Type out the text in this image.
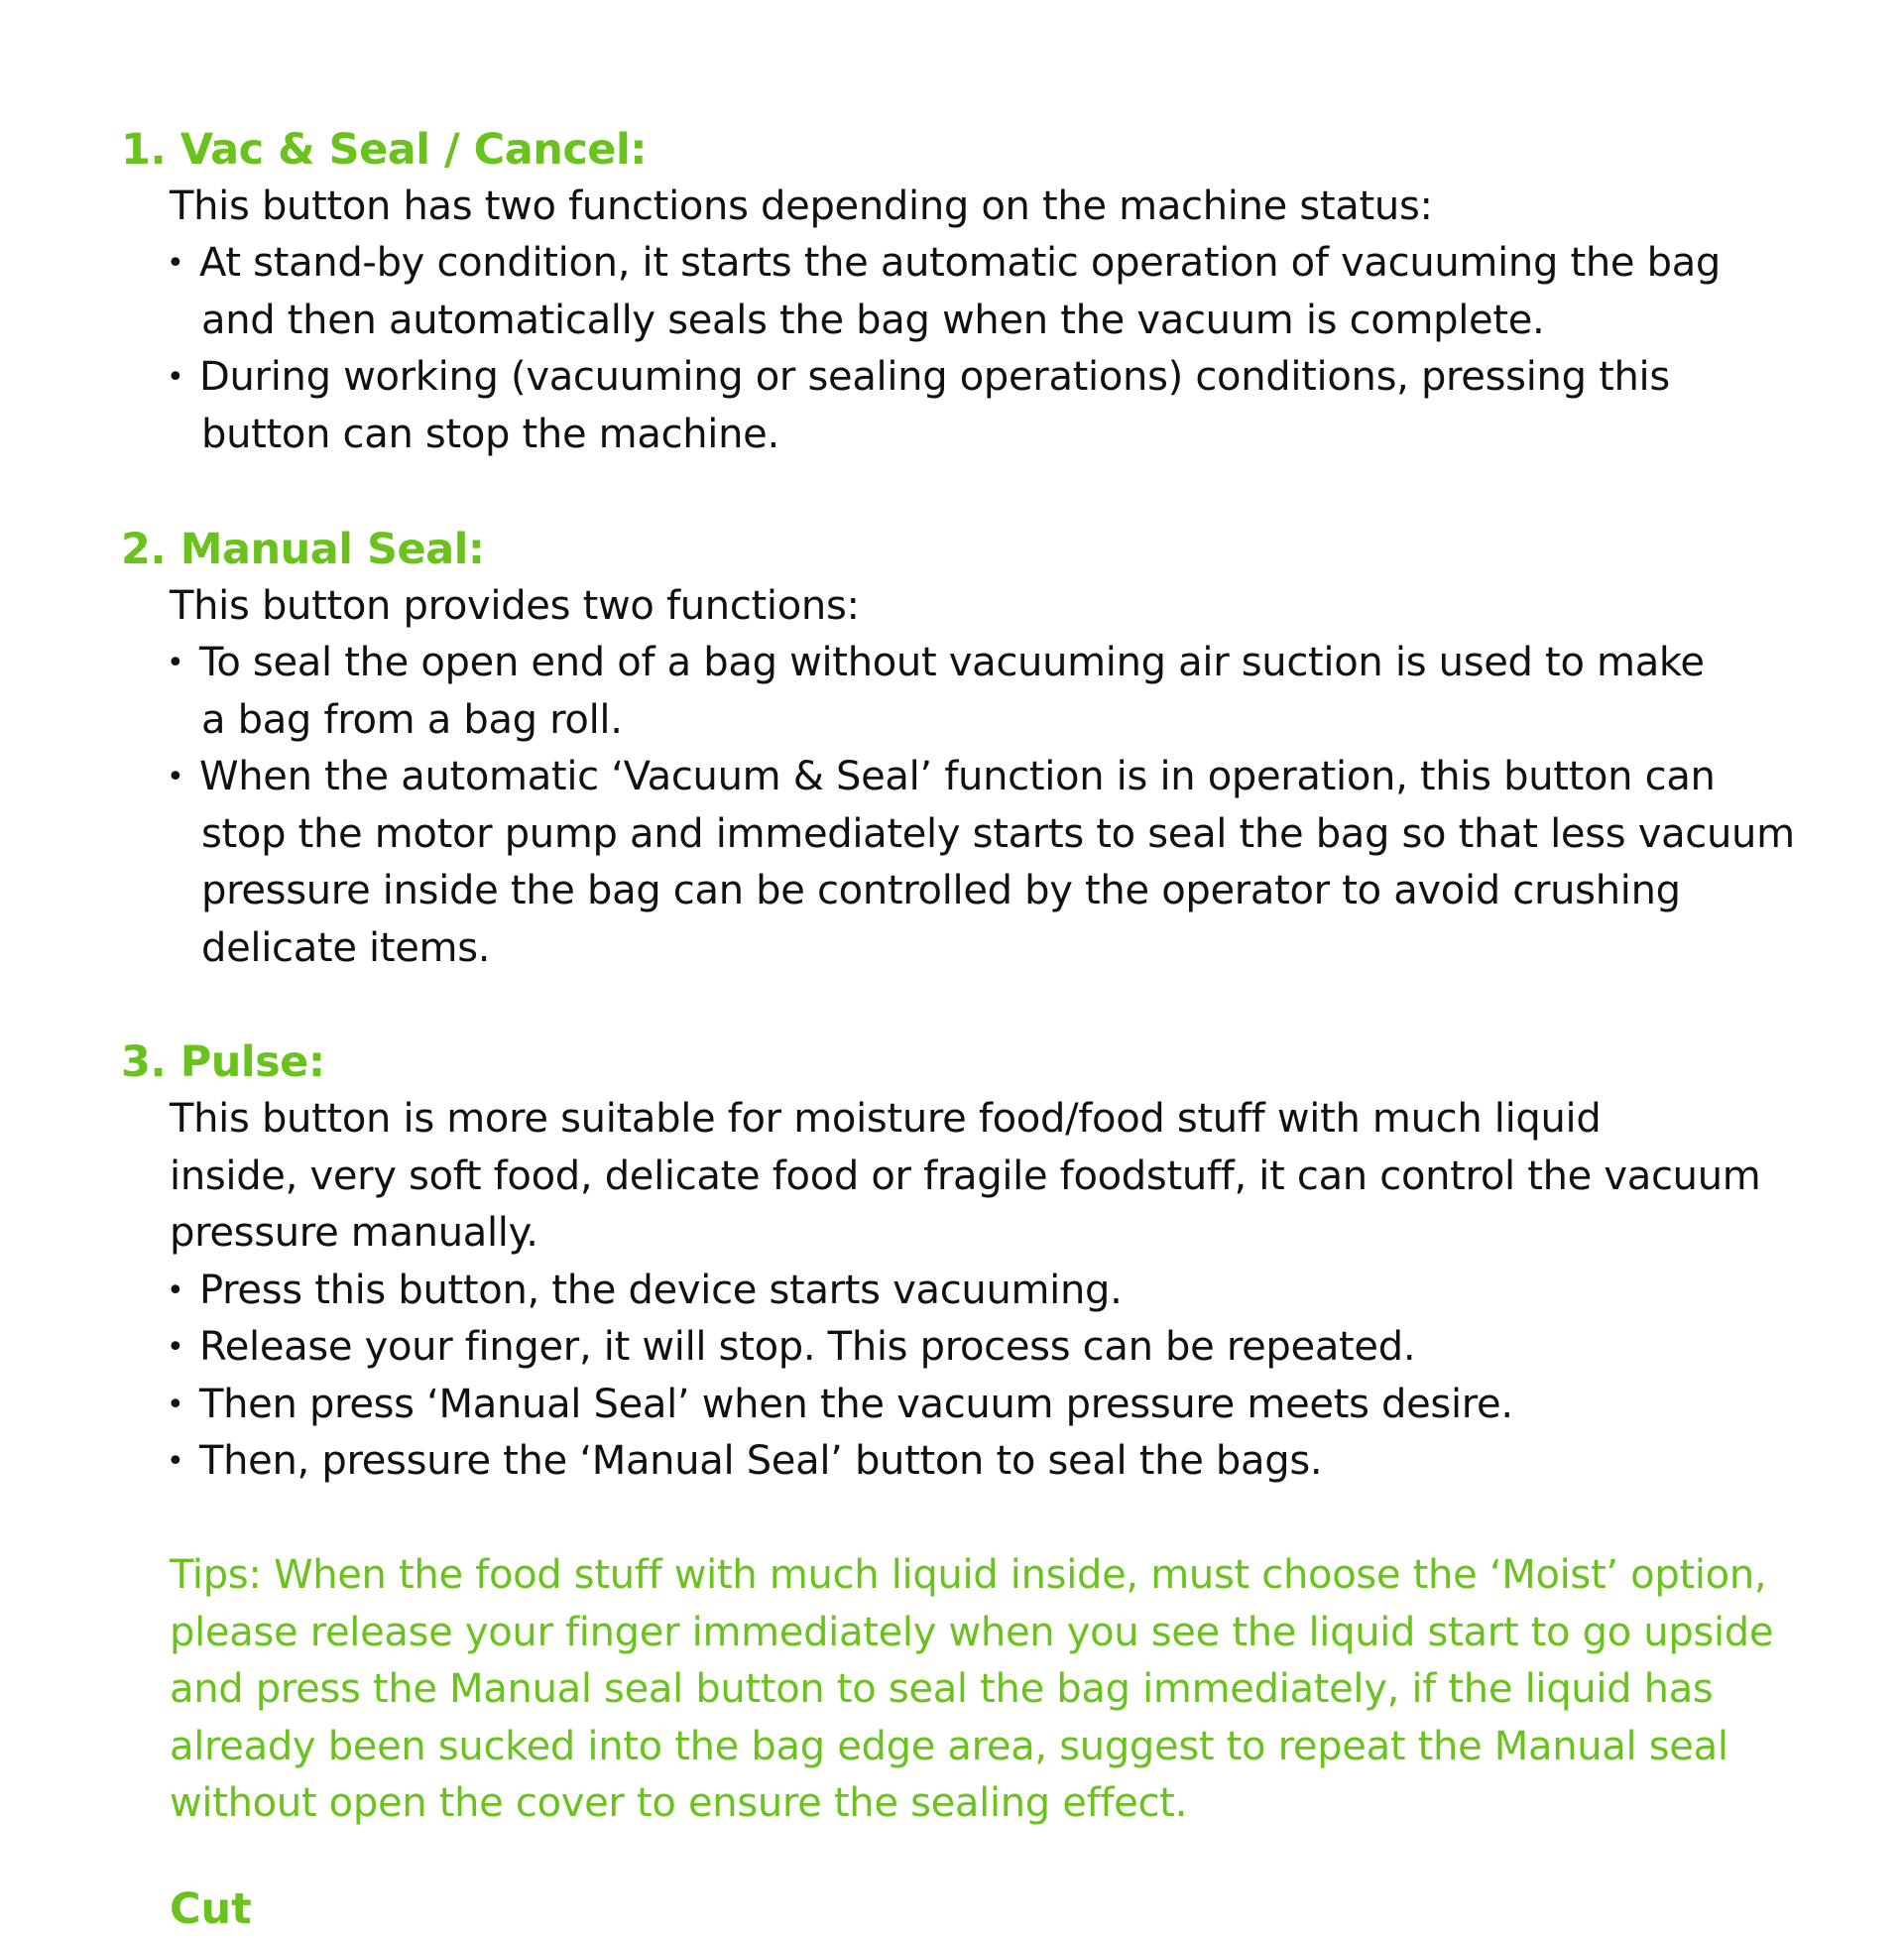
1. Vac & Seal / Cancel:
This button has two functions depending on the machine status:
• At stand-by condition, it starts the automatic operation of vacuuming the bag
and then automatically seals the bag when the vacuum is complete.
• During working (vacuuming or sealing operations) conditions, pressing this
button can stop the machine.
2. Manual Seal:
This button provides two functions:
• To seal the open end of a bag without vacuuming air suction is used to make
a bag from a bag roll.
• When the automatic ‘Vacuum & Seal’ function is in operation, this button can
stop the motor pump and immediately starts to seal the bag so that less vacuum
pressure inside the bag can be controlled by the operator to avoid crushing
delicate items.
3. Pulse:
This button is more suitable for moisture food/food stuff with much liquid
inside, very soft food, delicate food or fragile foodstuff, it can control the vacuum
pressure manually.
• Press this button, the device starts vacuuming.
• Release your finger, it will stop. This process can be repeated.
• Then press ‘Manual Seal’ when the vacuum pressure meets desire.
• Then, pressure the ‘Manual Seal’ button to seal the bags.
Tips: When the food stuff with much liquid inside, must choose the ‘Moist’ option,
please release your finger immediately when you see the liquid start to go upside
and press the Manual seal button to seal the bag immediately, if the liquid has
already been sucked into the bag edge area, suggest to repeat the Manual seal
without open the cover to ensure the sealing effect.
Cut
